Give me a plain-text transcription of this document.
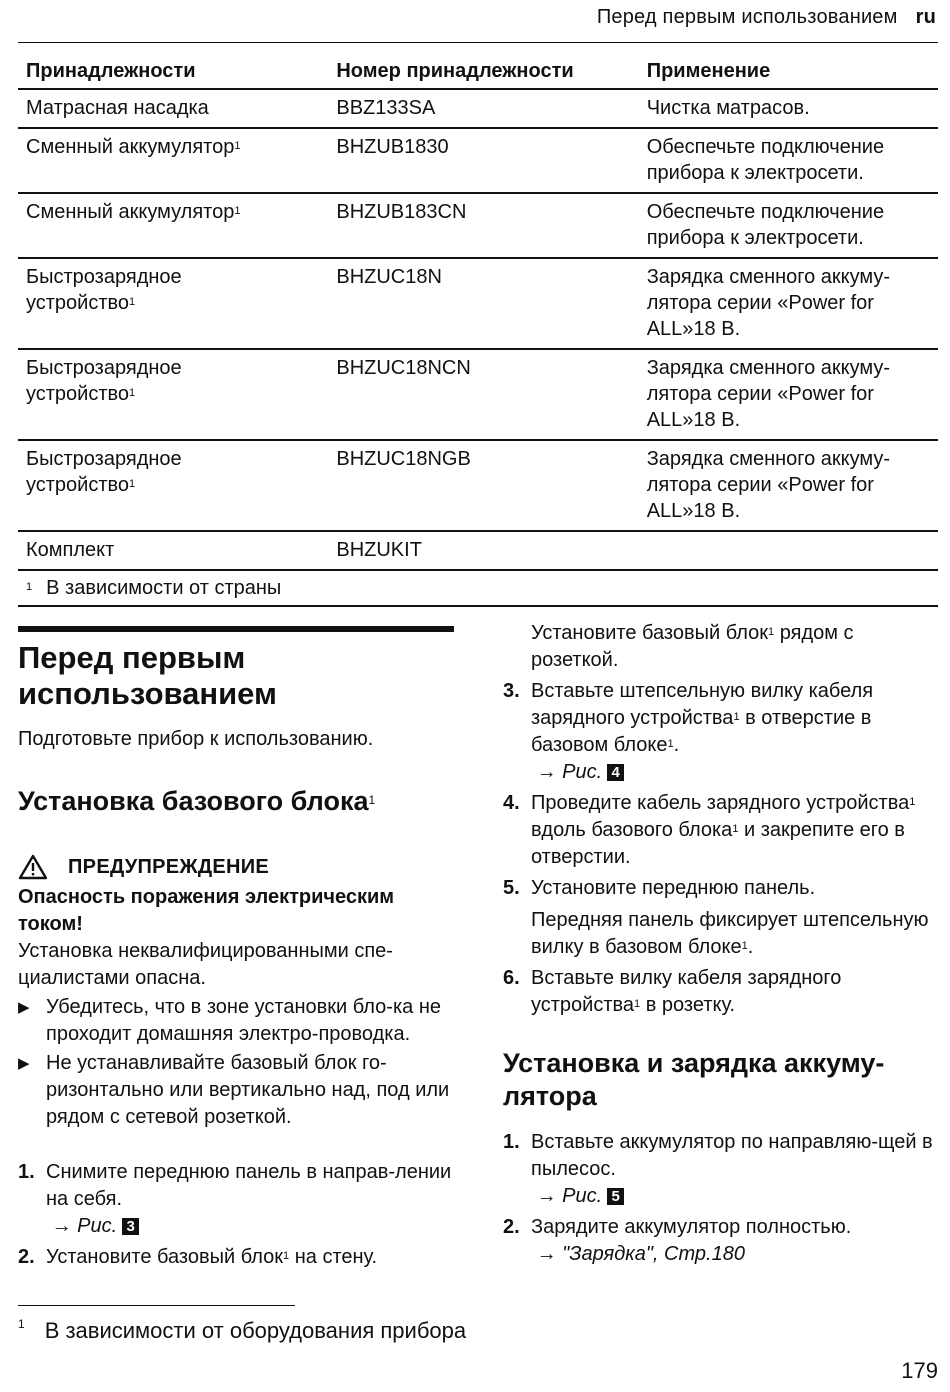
Перед первым использованием ru
Принадлежности	Номер принадлежности	Применение
Матрасная насадка	BBZ133SA	Чистка матрасов.
Сменный аккумулятор$^1$	BHZUB1830	Обеспечьте подключение прибора к электросети.
Сменный аккумулятор$^1$	BHZUB183CN	Обеспечьте подключение прибора к электросети.
Быстрозарядное устройство$^1$	BHZUC18N	Зарядка сменного аккуму-лятора серии «Power for ALL»18 В.
Быстрозарядное устройство$^1$	BHZUC18NCN	Зарядка сменного аккуму-лятора серии «Power for ALL»18 В.
Быстрозарядное устройство$^1$	BHZUC18NGB	Зарядка сменного аккуму-лятора серии «Power for ALL»18 В.
Комплект	BHZUKIT	
$^1$ В зависимости от страны		
Перед первым использованием

Подготовьте прибор к использованию.

Установка базового блока$^1$
ПРЕДУПРЕЖДЕНИЕ
Опасность поражения электрическим током!

Установка неквалифицированными спе-циалистами опасна.

▶ Убедитесь, что в зоне установки бло-ка не проходит домашняя электро-проводка.
▶ Не устанавливайте базовый блок го-ризонтально или вертикально над, под или рядом с сетевой розеткой.
1. Снимите переднюю панель в направ-лении на себя.
→ Рис. 3
2. Установите базовый блок$^1$ на стену.

Установите базовый блок$^1$ рядом с розеткой.

3. Вставьте штепсельную вилку кабеля зарядного устройства$^1$ в отверстие в базовом блоке$^1$.
→ Рис. 4
4. Проведите кабель зарядного устройства$^1$ вдоль базового блока$^1$ и закрепите его в отверстии.
5. Установите переднюю панель.

Передняя панель фиксирует штепсельную вилку в базовом блоке$^1$.
6. Вставьте вилку кабеля зарядного устройства$^1$ в розетку.
Установка и зарядка аккуму-лятора
1. Вставьте аккумулятор по направляю-щей в пылесос.
→ Рис. 5
2. Зарядите аккумулятор полностью.
→ "Зарядка", Стр.180
$^1$ В зависимости от оборудования прибора
179
